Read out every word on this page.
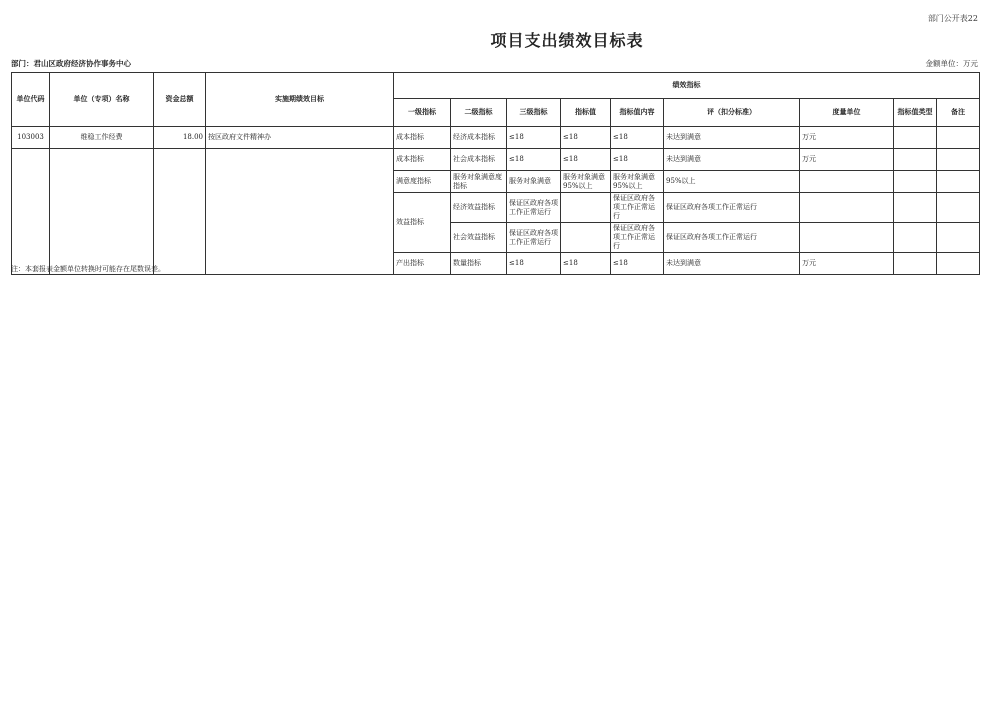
部门公开表22
项目支出绩效目标表
部门：君山区政府经济协作事务中心	金额单位：万元
单位代码	单位（专项）名称	资金总额	实施期绩效目标	绩效指标								
				一级指标	二级指标	三级指标	指标值	指标值内容	评（扣分标准）	度量单位	指标值类型	备注
103003	维稳工作经费	18.00	按区政府文件精神办	成本指标	经济成本指标	≤18	≤18	≤18	未达到满意	万元		
				成本指标	社会成本指标	≤18	≤18	≤18	未达到满意	万元		
				满意度指标	服务对象满意度指标	服务对象满意	服务对象满意95%以上	服务对象满意95%以上	95%以上			
				效益指标	经济效益指标	保证区政府各项工作正常运行		保证区政府各项工作正常运行	保证区政府各项工作正常运行			
					社会效益指标	保证区政府各项工作正常运行		保证区政府各项工作正常运行	保证区政府各项工作正常运行			
				产出指标	数量指标	≤18	≤18	≤18	未达到满意	万元		
注：本套报表金额单位转换时可能存在尾数误差。
